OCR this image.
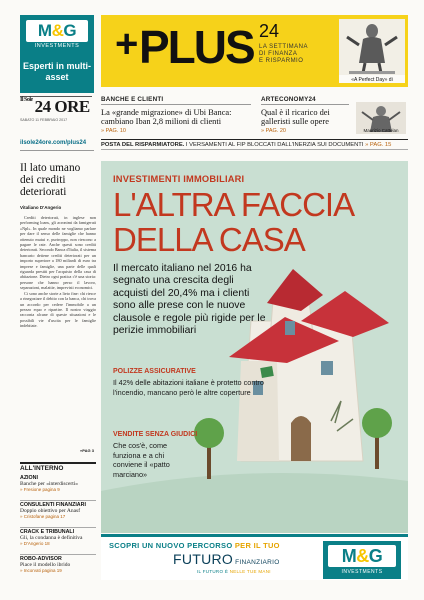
M&G
INVESTMENTS
Esperti in multi-asset
+ PLUS 24
LA SETTIMANA
DI FINANZA
E RISPARMIO
«A Perfect Day» di
$^{Il Sole}$ 24 ORE
SABATO 11 FEBBRAIO 2017
ilsole24ore.com/plus24
BANCHE E CLIENTI
La «grande migrazione» di Ubi Banca: cambiano Iban 2,8 milioni di clienti
» PAG. 10
ARTECONOMY24
Qual è il ricarico dei galleristi sulle opere
» PAG. 20	Maurizio Cattelan
POSTA DEL RISPARMIATORE. I VERSAMENTI AL FIP BLOCCATI DALL'INERZIA SUI DOCUMENTI » PAG. 15
Il lato umano dei crediti deteriorati
Vitaliano D'Angerio

Crediti deteriorati, in inglese non performing loans, gli acronimi da famigerati «Npl». In quale mondo ne vogliamo parlare per dare il senso delle famiglie che hanno ottenuto mutui e, purtroppo, non riescono a pagare le rate. Anche questi sono crediti deteriorati. Secondo Banca d'Italia, il sistema bancario detiene crediti deteriorati per un importo superiore a 180 miliardi di euro tra imprese e famiglie, una parte delle quali riguarda prestiti per l'acquisto della casa di abitazione. Dietro ogni pratica c'è una storia: persone che hanno perso il lavoro, separazioni, malattie, imprevisti economici.

Ci sono anche storie a lieto fine: chi riesce a rinegoziare il debito con la banca, chi trova un accordo per cedere l'immobile a un prezzo equo e ripartire. Il nostro viaggio racconta alcune di queste situazioni e le possibili vie d'uscita per le famiglie indebitate.

»PAG 3
ALL'INTERNO
AZIONI
Banche per «interdiscerti»
» Fresione pagina 9
CONSULENTI FINANZIARI
Doppio obiettivo per Anasf
» Cristofane pagina 17
CRACK E TRIBUNALI
Gli, la condanna è definitiva
» D'Angerio 18
ROBO-ADVISOR
Piace il modello ibrido
» Incorvati pagina 19
INVESTIMENTI IMMOBILIARI
L'ALTRA FACCIA
DELLA CASA
Il mercato italiano nel 2016 ha segnato una crescita degli acquisti del 20,4% ma i clienti sono alle prese con le nuove clausole e regole più rigide per le perizie immobiliari
POLIZZE ASSICURATIVE
Il 42% delle abitazioni italiane è protetto contro l'incendio, mancano però le altre coperture
VENDITE SENZA GIUDICI
Che cos'è, come funziona e a chi conviene il «patto marciano»
SCOPRI UN NUOVO PERCORSO PER IL TUO
FUTURO FINANZIARIO
IL FUTURO È NELLE TUE MANI
M&G
INVESTMENTS
